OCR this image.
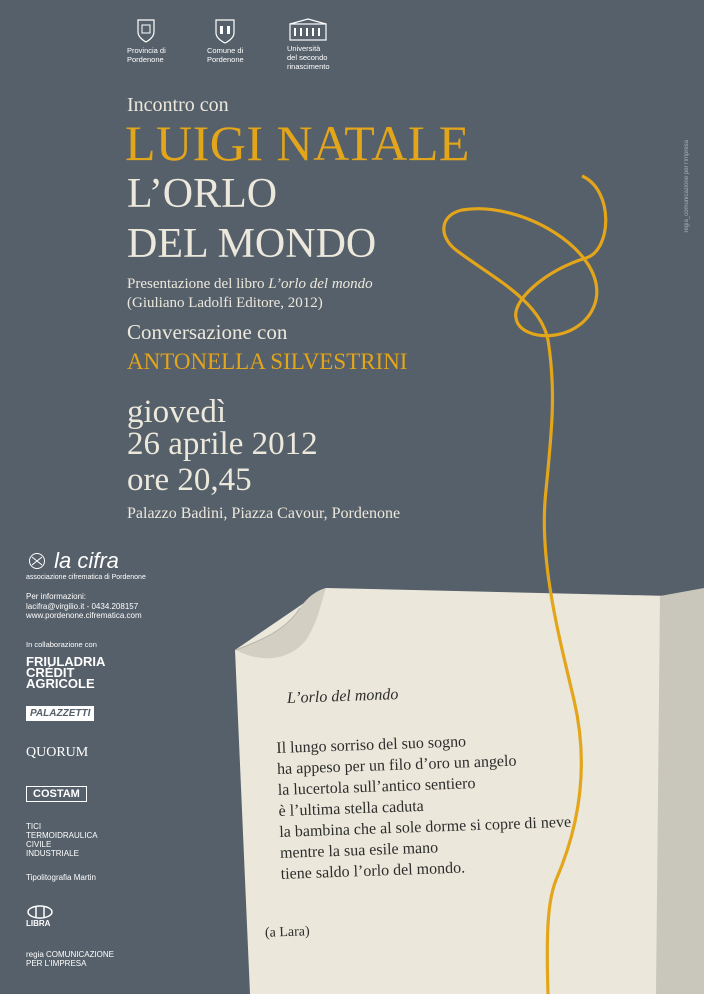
Provincia di
Pordenone
Comune di
Pordenone
Università
del secondo
rinascimento
regia_comunicazione per l'impresa
Incontro con
LUIGI NATALE
L’ORLO
DEL MONDO
Presentazione del libro L’orlo del mondo
(Giuliano Ladolfi Editore, 2012)
Conversazione con
ANTONELLA SILVESTRINI
giovedì
26 aprile 2012
ore 20,45
Palazzo Badini, Piazza Cavour, Pordenone
la cifra
associazione cifrematica di Pordenone
Per informazioni:
lacifra@virgilio.it - 0434.208157
www.pordenone.cifrematica.com
In collaborazione con
FRIULADRIA CRÉDIT AGRICOLE
PALAZZETTI
QUORUM
COSTAM
TICI TERMOIDRAULICA CIVILE INDUSTRIALE
Tipolitografia Martin
LIBRA
regia COMUNICAZIONE PER L’IMPRESA
L’orlo del mondo
Il lungo sorriso del suo sogno
ha appeso per un filo d’oro un angelo
la lucertola sull’antico sentiero
è l’ultima stella caduta
la bambina che al sole dorme si copre di neve
mentre la sua esile mano
tiene saldo l’orlo del mondo.
(a Lara)
